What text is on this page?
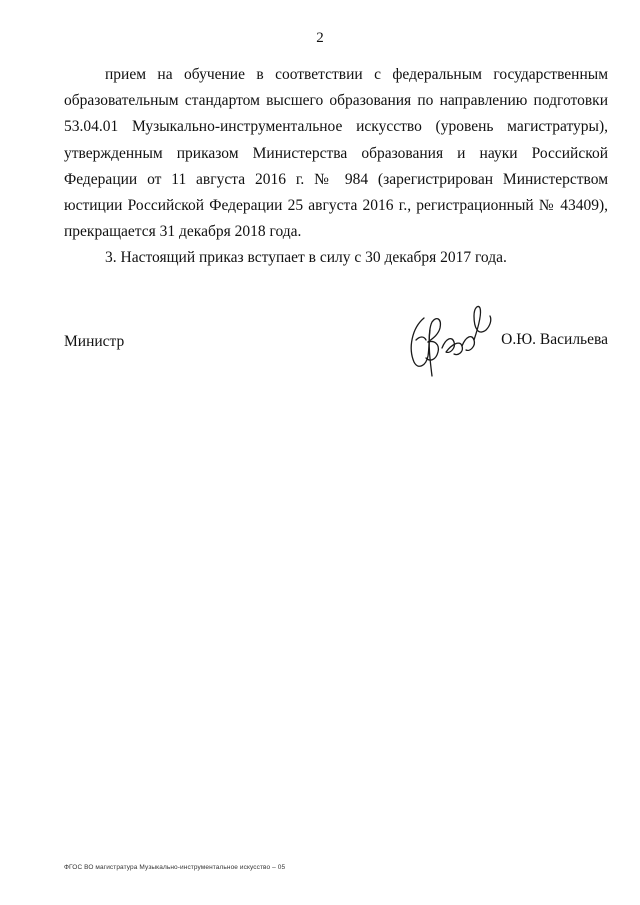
2

прием на обучение в соответствии с федеральным государственным образовательным стандартом высшего образования по направлению подготовки 53.04.01 Музыкально-инструментальное искусство (уровень магистратуры), утвержденным приказом Министерства образования и науки Российской Федерации от 11 августа 2016 г. № 984 (зарегистрирован Министерством юстиции Российской Федерации 25 августа 2016 г., регистрационный № 43409), прекращается 31 декабря 2018 года.

3. Настоящий приказ вступает в силу с 30 декабря 2017 года.

Министр	О.Ю. Васильева
ФГОС ВО магистратура Музыкально-инструментальное искусство – 05
